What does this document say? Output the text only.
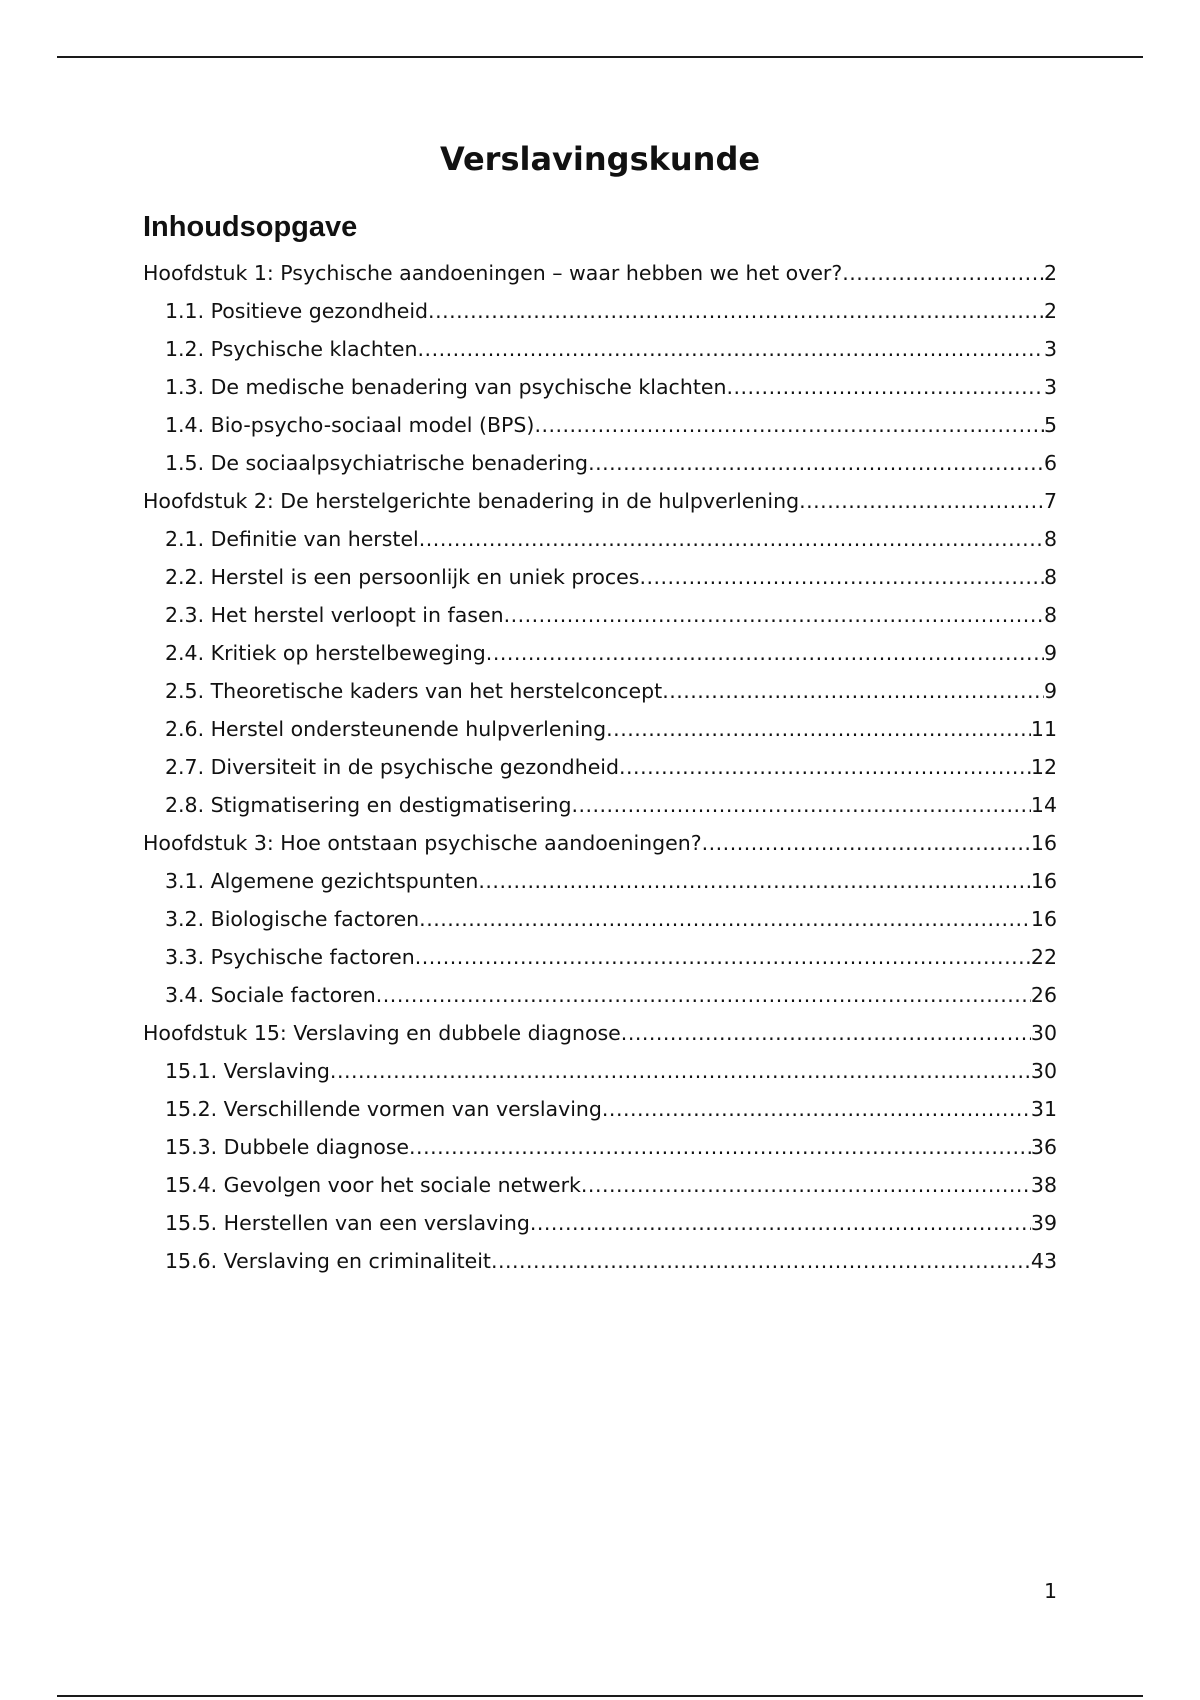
Verslavingskunde
Inhoudsopgave
Hoofdstuk 1: Psychische aandoeningen – waar hebben we het over? .....	2
1.1. Positieve gezondheid .....	2
1.2. Psychische klachten .....	3
1.3. De medische benadering van psychische klachten .....	3
1.4. Bio-psycho-sociaal model (BPS) .....	5
1.5. De sociaalpsychiatrische benadering .....	6
Hoofdstuk 2: De herstelgerichte benadering in de hulpverlening .....	7
2.1. Definitie van herstel .....	8
2.2. Herstel is een persoonlijk en uniek proces .....	8
2.3. Het herstel verloopt in fasen .....	8
2.4. Kritiek op herstelbeweging .....	9
2.5. Theoretische kaders van het herstelconcept .....	9
2.6. Herstel ondersteunende hulpverlening .....	11
2.7. Diversiteit in de psychische gezondheid .....	12
2.8. Stigmatisering en destigmatisering .....	14
Hoofdstuk 3: Hoe ontstaan psychische aandoeningen? .....	16
3.1. Algemene gezichtspunten .....	16
3.2. Biologische factoren .....	16
3.3. Psychische factoren .....	22
3.4. Sociale factoren .....	26
Hoofdstuk 15: Verslaving en dubbele diagnose .....	30
15.1. Verslaving .....	30
15.2. Verschillende vormen van verslaving .....	31
15.3. Dubbele diagnose .....	36
15.4. Gevolgen voor het sociale netwerk .....	38
15.5. Herstellen van een verslaving .....	39
15.6. Verslaving en criminaliteit .....	43
1
